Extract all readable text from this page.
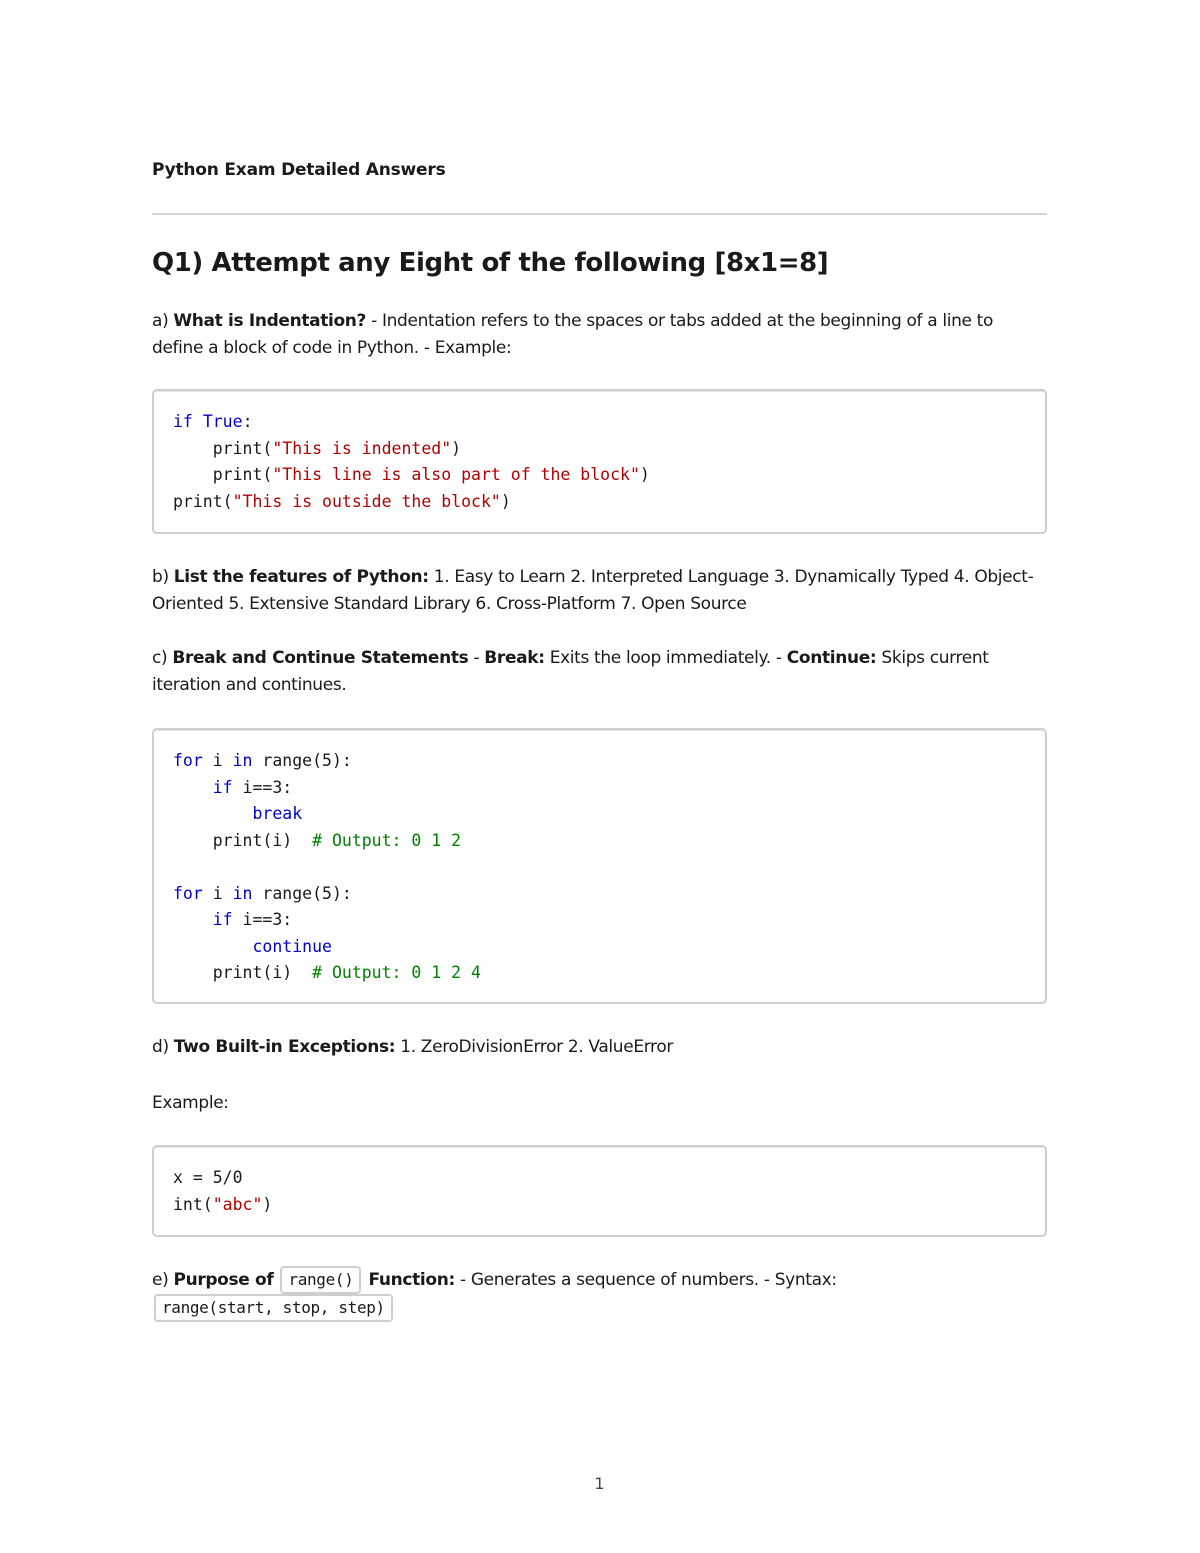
Python Exam Detailed Answers
Q1) Attempt any Eight of the following [8x1=8]
a) What is Indentation? - Indentation refers to the spaces or tabs added at the beginning of a line to define a block of code in Python. - Example:
if True:
print("This is indented")
print("This line is also part of the block")
print("This is outside the block")
b) List the features of Python: 1. Easy to Learn 2. Interpreted Language 3. Dynamically Typed 4. Object-Oriented 5. Extensive Standard Library 6. Cross-Platform 7. Open Source
c) Break and Continue Statements - Break: Exits the loop immediately. - Continue: Skips current iteration and continues.
for i in range(5):
if i==3:
break
print(i)  # Output: 0 1 2
for i in range(5):
if i==3:
continue
print(i)  # Output: 0 1 2 4
d) Two Built-in Exceptions: 1. ZeroDivisionError 2. ValueError
Example:
x = 5/0
int("abc")
e) Purpose of range() Function: - Generates a sequence of numbers. - Syntax: range(start, stop, step)
1
